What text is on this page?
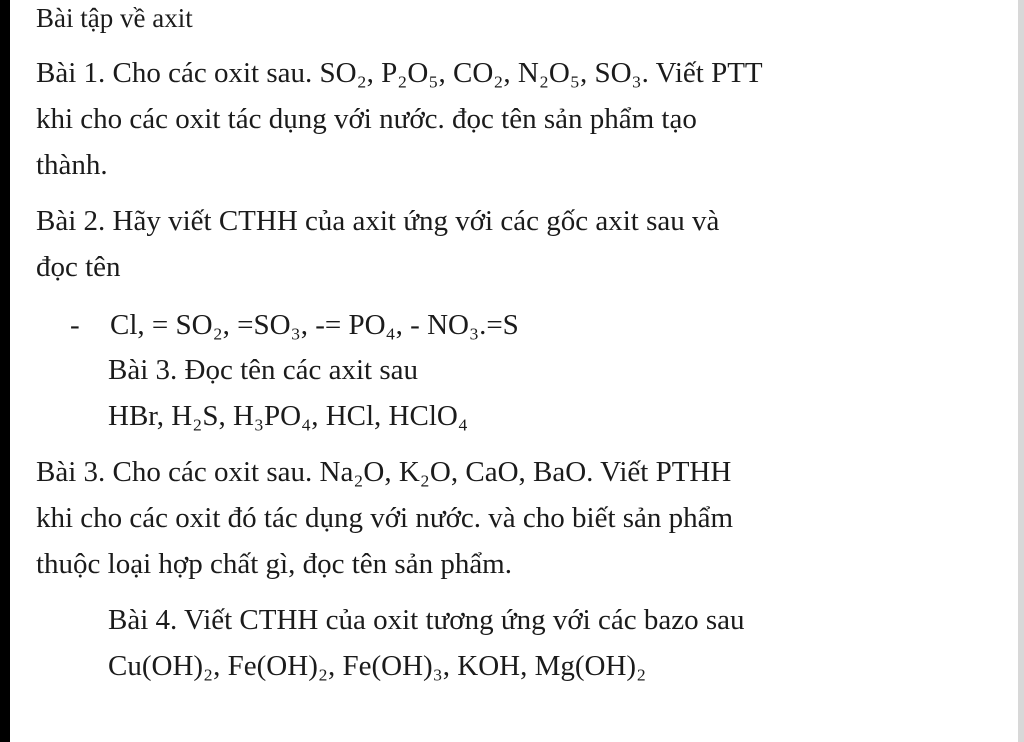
Bài tập về axit
Bài 1. Cho các oxit sau. SO₂, P₂O₅, CO₂, N₂O₅, SO₃. Viết PTT
khi cho các oxit tác dụng với nước. đọc tên sản phẩm tạo
thành.
Bài 2. Hãy viết CTHH của axit ứng với các gốc axit sau và
đọc tên
- Cl, = SO₂, =SO₃, -= PO₄, - NO₃.=S
Bài 3. Đọc tên các axit sau
HBr, H₂S, H₃PO₄, HCl, HClO₄
Bài 3. Cho các oxit sau. Na₂O, K₂O, CaO, BaO. Viết PTHH
khi cho các oxit đó tác dụng với nước. và cho biết sản phẩm
thuộc loại hợp chất gì, đọc tên sản phẩm.
Bài 4. Viết CTHH của oxit tương ứng với các bazo sau
Cu(OH)₂, Fe(OH)₂, Fe(OH)₃, KOH, Mg(OH)₂
